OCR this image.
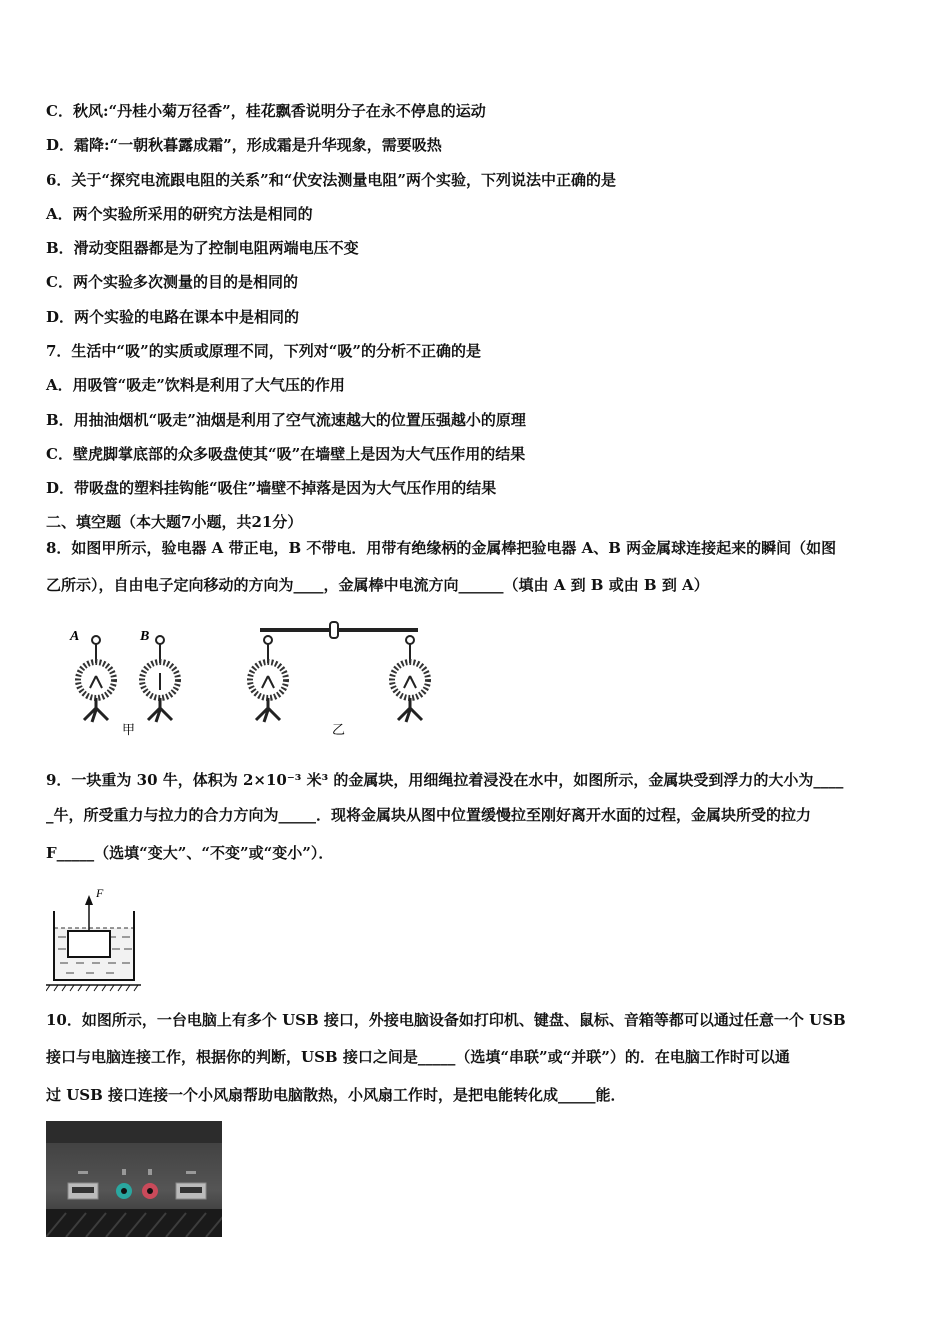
C．秋风:“丹桂小菊万径香”，桂花飘香说明分子在永不停息的运动
D．霜降:“一朝秋暮露成霜”，形成霜是升华现象，需要吸热
6．关于“探究电流跟电阻的关系”和“伏安法测量电阻”两个实验，下列说法中正确的是
A．两个实验所采用的研究方法是相同的
B．滑动变阻器都是为了控制电阻两端电压不变
C．两个实验多次测量的目的是相同的
D．两个实验的电路在课本中是相同的
7．生活中“吸”的实质或原理不同，下列对“吸”的分析不正确的是
A．用吸管“吸走”饮料是利用了大气压的作用
B．用抽油烟机“吸走”油烟是利用了空气流速越大的位置压强越小的原理
C．壁虎脚掌底部的众多吸盘使其“吸”在墙壁上是因为大气压作用的结果
D．带吸盘的塑料挂钩能“吸住”墙壁不掉落是因为大气压作用的结果
二、填空题（本大题7小题，共21分）
8．如图甲所示，验电器 A 带正电，B 不带电．用带有绝缘柄的金属棒把验电器 A、B 两金属球连接起来的瞬间（如图
乙所示），自由电子定向移动的方向为____，金属棒中电流方向______（填由 A 到 B 或由 B 到 A）
A	B
甲	乙
9．一块重为 30 牛，体积为 2×10⁻³ 米³ 的金属块，用细绳拉着浸没在水中，如图所示，金属块受到浮力的大小为____
_牛，所受重力与拉力的合力方向为_____．现将金属块从图中位置缓慢拉至刚好离开水面的过程，金属块所受的拉力
F_____（选填“变大”、“不变”或“变小”）．
F
10．如图所示，一台电脑上有多个 USB 接口，外接电脑设备如打印机、键盘、鼠标、音箱等都可以通过任意一个 USB
接口与电脑连接工作，根据你的判断，USB 接口之间是_____（选填“串联”或“并联”）的．在电脑工作时可以通
过 USB 接口连接一个小风扇帮助电脑散热，小风扇工作时，是把电能转化成_____能．
